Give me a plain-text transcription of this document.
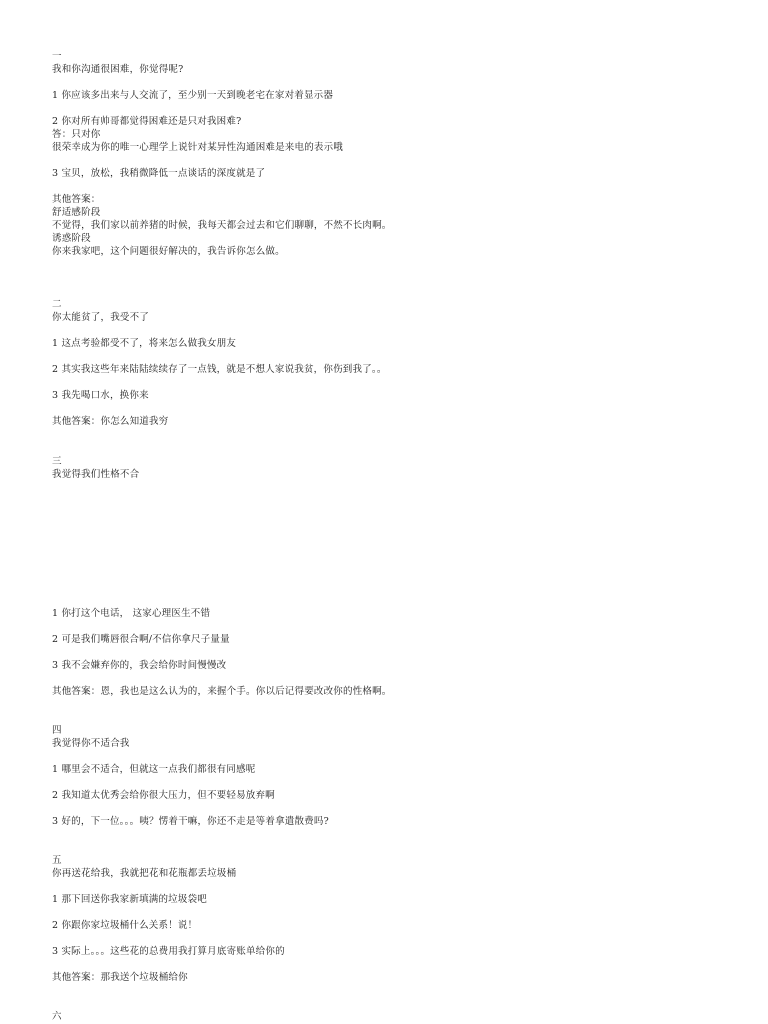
一
我和你沟通很困难，你觉得呢?
1 你应该多出来与人交流了，至少别一天到晚老宅在家对着显示器
2 你对所有帅哥都觉得困难还是只对我困难?
答：只对你
很荣幸成为你的唯一心理学上说针对某异性沟通困难是来电的表示哦
3 宝贝，放松，我稍微降低一点谈话的深度就是了
其他答案：
舒适感阶段
不觉得，我们家以前养猪的时候，我每天都会过去和它们聊聊，不然不长肉啊。
诱惑阶段
你来我家吧，这个问题很好解决的，我告诉你怎么做。
二
你太能贫了，我受不了
1 这点考验都受不了，将来怎么做我女朋友
2 其实我这些年来陆陆续续存了一点钱，就是不想人家说我贫，你伤到我了。。
3 我先喝口水，换你来
其他答案：你怎么知道我穷
三
我觉得我们性格不合
1 你打这个电话， 这家心理医生不错
2 可是我们嘴唇很合啊/不信你拿尺子量量
3 我不会嫌弃你的，我会给你时间慢慢改
其他答案：恩，我也是这么认为的，来握个手。你以后记得要改改你的性格啊。
四
我觉得你不适合我
1 哪里会不适合，但就这一点我们都很有同感呢
2 我知道太优秀会给你很大压力，但不要轻易放弃啊
3 好的，下一位。。。咦？愣着干嘛，你还不走是等着拿遣散费吗?
五
你再送花给我，我就把花和花瓶都丢垃圾桶
1 那下回送你我家新填满的垃圾袋吧
2 你跟你家垃圾桶什么关系！说！
3 实际上。。。这些花的总费用我打算月底寄账单给你的
其他答案：那我送个垃圾桶给你
六
